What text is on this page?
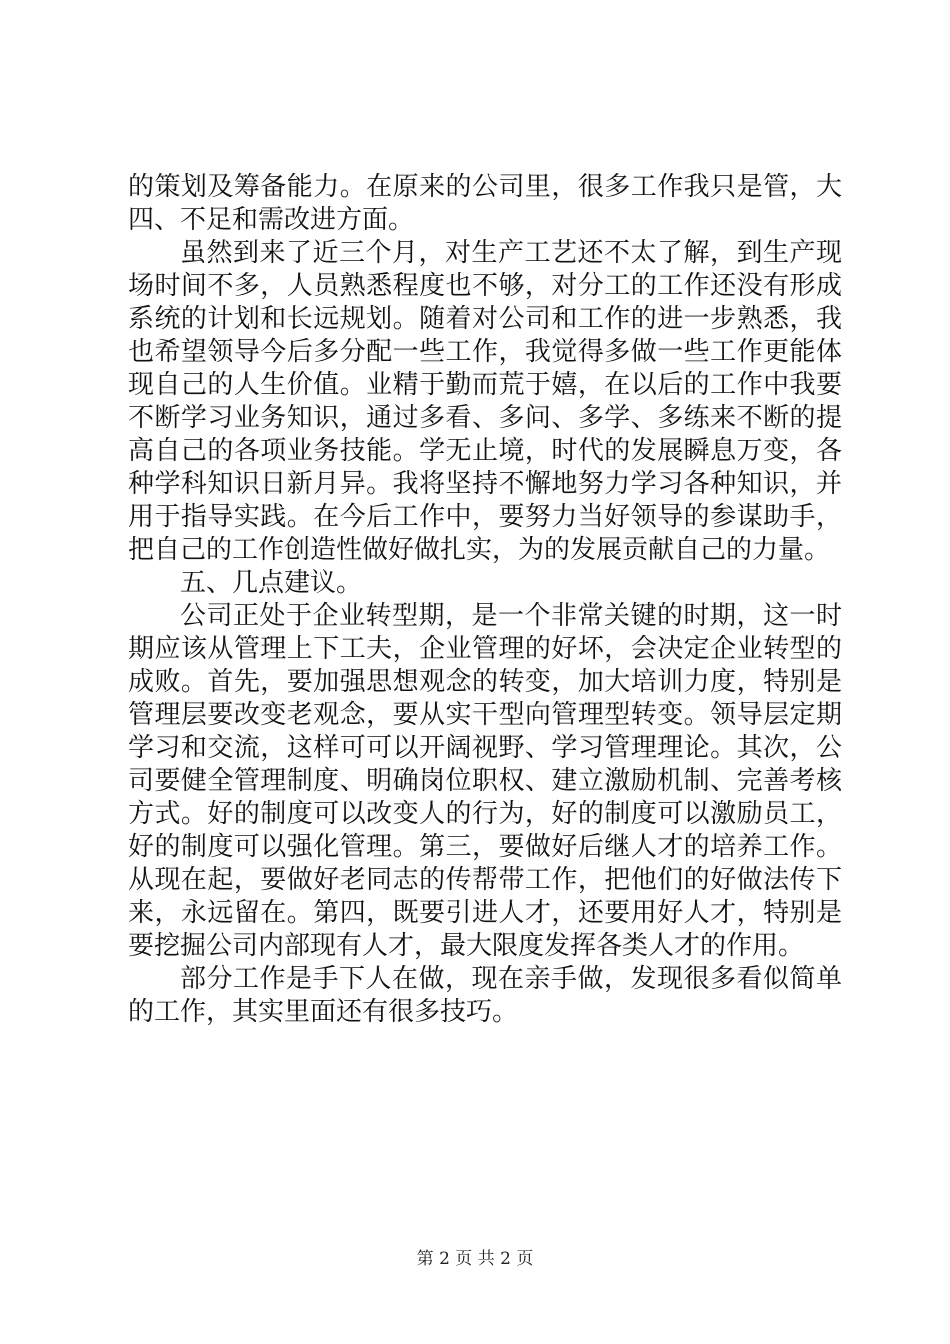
的策划及筹备能力。在原来的公司里，很多工作我只是管，大
四、不足和需改进方面。
虽然到来了近三个月，对生产工艺还不太了解，到生产现
场时间不多，人员熟悉程度也不够，对分工的工作还没有形成
系统的计划和长远规划。随着对公司和工作的进一步熟悉，我
也希望领导今后多分配一些工作，我觉得多做一些工作更能体
现自己的人生价值。业精于勤而荒于嬉，在以后的工作中我要
不断学习业务知识，通过多看、多问、多学、多练来不断的提
高自己的各项业务技能。学无止境，时代的发展瞬息万变，各
种学科知识日新月异。我将坚持不懈地努力学习各种知识，并
用于指导实践。在今后工作中，要努力当好领导的参谋助手，
把自己的工作创造性做好做扎实，为的发展贡献自己的力量。
五、几点建议。
公司正处于企业转型期，是一个非常关键的时期，这一时
期应该从管理上下工夫，企业管理的好坏，会决定企业转型的
成败。首先，要加强思想观念的转变，加大培训力度，特别是
管理层要改变老观念，要从实干型向管理型转变。领导层定期
学习和交流，这样可可以开阔视野、学习管理理论。其次，公
司要健全管理制度、明确岗位职权、建立激励机制、完善考核
方式。好的制度可以改变人的行为，好的制度可以激励员工，
好的制度可以强化管理。第三，要做好后继人才的培养工作。
从现在起，要做好老同志的传帮带工作，把他们的好做法传下
来，永远留在。第四，既要引进人才，还要用好人才，特别是
要挖掘公司内部现有人才，最大限度发挥各类人才的作用。
部分工作是手下人在做，现在亲手做，发现很多看似简单
的工作，其实里面还有很多技巧。
第 2 页 共 2 页
